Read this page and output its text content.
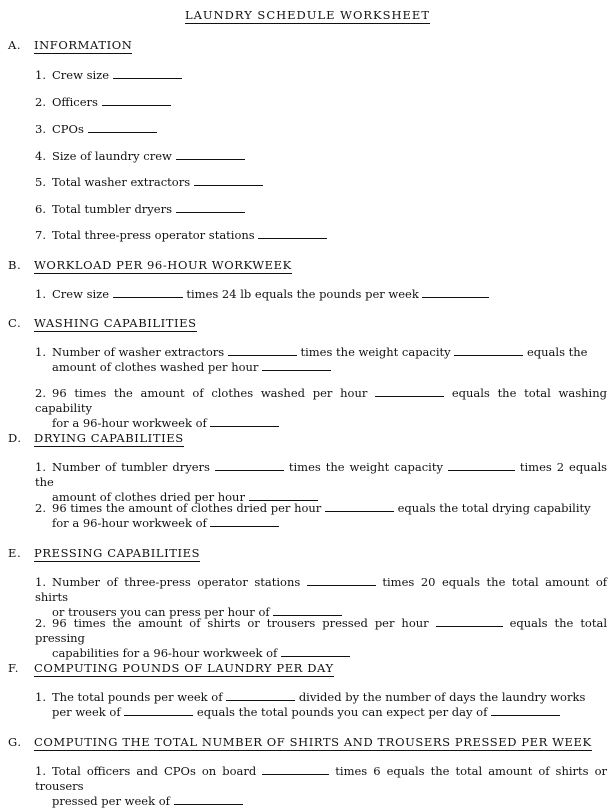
LAUNDRY SCHEDULE WORKSHEET
A. INFORMATION
1. Crew size
2. Officers
3. CPOs
4. Size of laundry crew
5. Total washer extractors
6. Total tumbler dryers
7. Total three-press operator stations
B. WORKLOAD PER 96-HOUR WORKWEEK
1. Crew size	times 24 lb equals the pounds per week
C. WASHING CAPABILITIES
1. Number of washer extractors	times the weight capacity	equals the
amount of clothes washed per hour
2. 96 times the amount of clothes washed per hour	equals the total washing capability
for a 96-hour workweek of
D. DRYING CAPABILITIES
1. Number of tumbler dryers	times the weight capacity	times 2 equals the
amount of clothes dried per hour
2. 96 times the amount of clothes dried per hour	equals the total drying capability
for a 96-hour workweek of
E. PRESSING CAPABILITIES
1. Number of three-press operator stations	times 20 equals the total amount of shirts
or trousers you can press per hour of
2. 96 times the amount of shirts or trousers pressed per hour	equals the total pressing
capabilities for a 96-hour workweek of
F. COMPUTING POUNDS OF LAUNDRY PER DAY
1. The total pounds per week of	divided by the number of days the laundry works
per week of	equals the total pounds you can expect per day of
G. COMPUTING THE TOTAL NUMBER OF SHIRTS AND TROUSERS PRESSED PER WEEK
1. Total officers and CPOs on board	times 6 equals the total amount of shirts or trousers
pressed per week of
